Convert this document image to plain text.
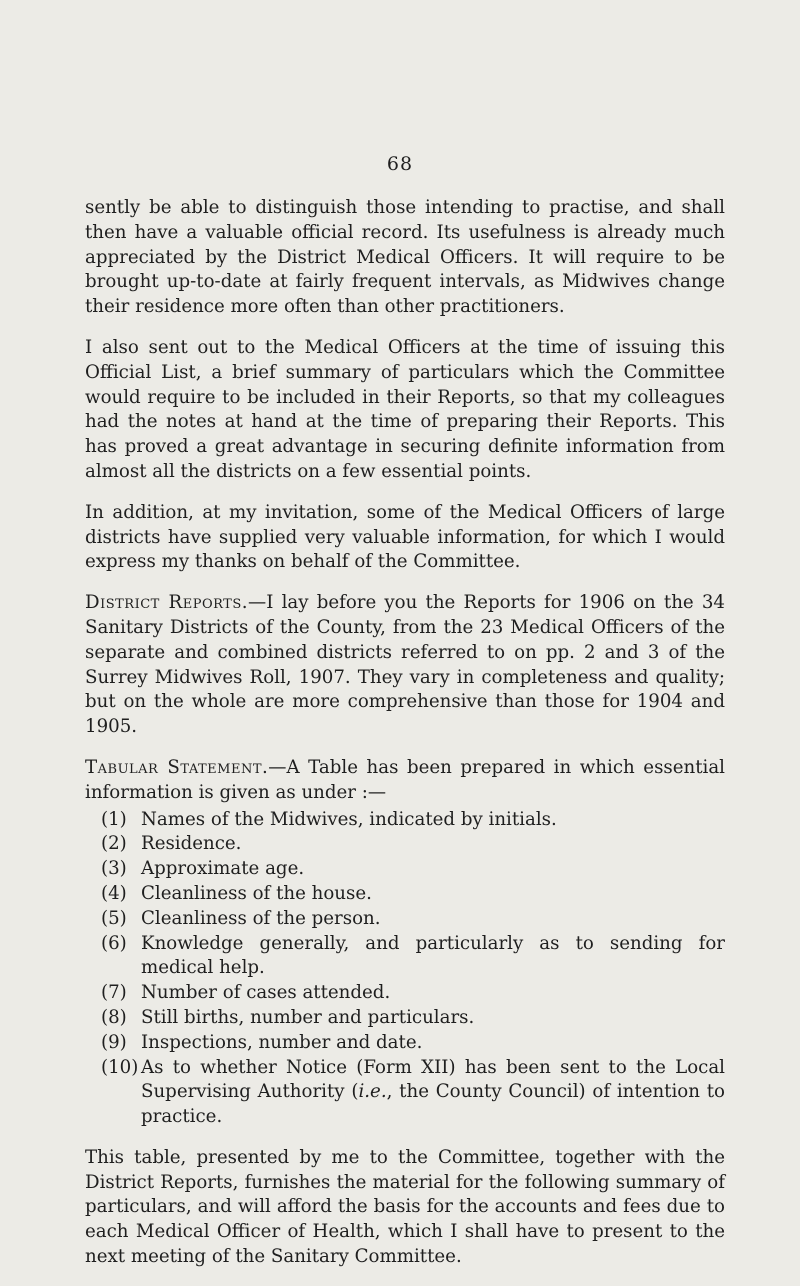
68

sently be able to distinguish those intending to practise, and shall then have a valuable official record. Its usefulness is already much appreciated by the District Medical Officers. It will require to be brought up-to-date at fairly frequent intervals, as Midwives change their residence more often than other practitioners.

I also sent out to the Medical Officers at the time of issuing this Official List, a brief summary of particulars which the Committee would require to be included in their Reports, so that my colleagues had the notes at hand at the time of preparing their Reports. This has proved a great advantage in securing definite information from almost all the districts on a few essential points.

In addition, at my invitation, some of the Medical Officers of large districts have supplied very valuable information, for which I would express my thanks on behalf of the Committee.

District Reports.—I lay before you the Reports for 1906 on the 34 Sanitary Districts of the County, from the 23 Medical Officers of the separate and combined districts referred to on pp. 2 and 3 of the Surrey Midwives Roll, 1907. They vary in completeness and quality; but on the whole are more comprehensive than those for 1904 and 1905.

Tabular Statement.—A Table has been prepared in which essential information is given as under :—

(1) Names of the Midwives, indicated by initials.
(2) Residence.
(3) Approximate age.
(4) Cleanliness of the house.
(5) Cleanliness of the person.
(6) Knowledge generally, and particularly as to sending for medical help.
(7) Number of cases attended.
(8) Still births, number and particulars.
(9) Inspections, number and date.
(10) As to whether Notice (Form XII) has been sent to the Local Supervising Authority (i.e., the County Council) of intention to practice.

This table, presented by me to the Committee, together with the District Reports, furnishes the material for the following summary of particulars, and will afford the basis for the accounts and fees due to each Medical Officer of Health, which I shall have to present to the next meeting of the Sanitary Committee.
